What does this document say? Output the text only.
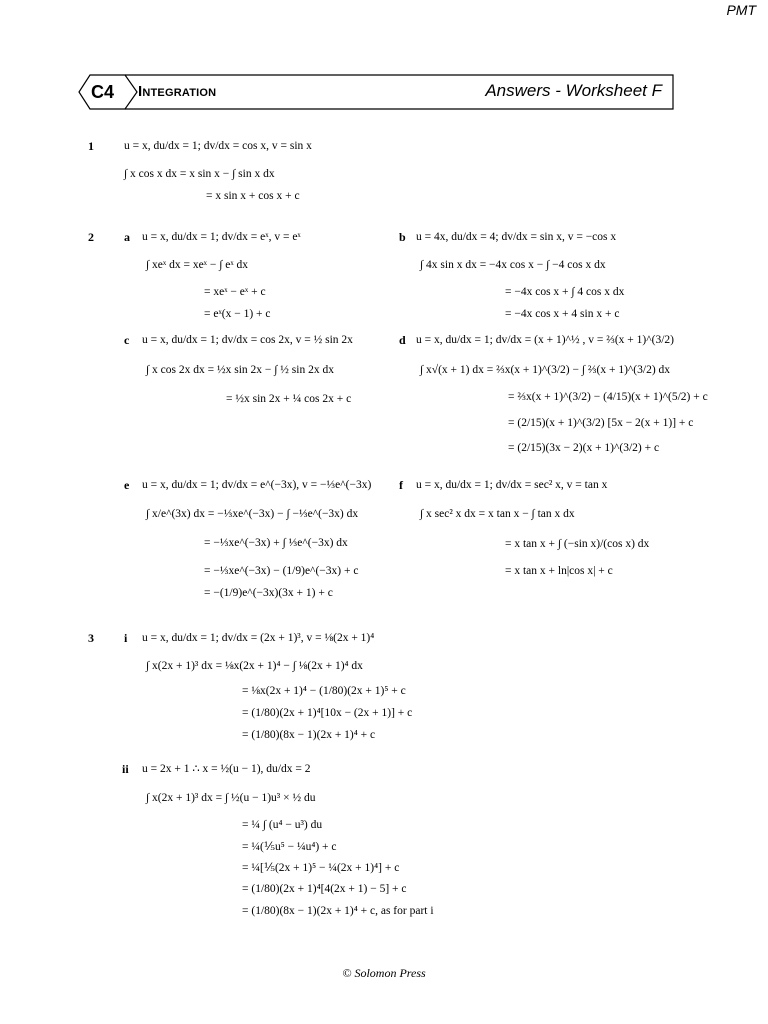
PMT
C4 Integration	Answers - Worksheet F
1	u = x, du/dx = 1; dv/dx = cos x, v = sin x
∫ x cos x dx = x sin x − ∫ sin x dx
= x sin x + cos x + c
2	a u = x, du/dx = 1; dv/dx = eˣ, v = eˣ
∫ xeˣ dx = xeˣ − ∫ eˣ dx
= xeˣ − eˣ + c
= eˣ(x − 1) + c
b u = 4x, du/dx = 4; dv/dx = sin x, v = −cos x
∫ 4x sin x dx = −4x cos x − ∫ −4 cos x dx
= −4x cos x + ∫ 4 cos x dx
= −4x cos x + 4 sin x + c
c u = x, du/dx = 1; dv/dx = cos 2x, v = ½ sin 2x
∫ x cos 2x dx = ½x sin 2x − ∫ ½ sin 2x dx
= ½x sin 2x + ¼ cos 2x + c
d u = x, du/dx = 1; dv/dx = (x + 1)^½ , v = ⅔(x + 1)^(3/2)
∫ x√(x + 1) dx = ⅔x(x + 1)^(3/2) − ∫ ⅔(x + 1)^(3/2) dx
= ⅔x(x + 1)^(3/2) − (4/15)(x + 1)^(5/2) + c
= (2/15)(x + 1)^(3/2) [5x − 2(x + 1)] + c
= (2/15)(3x − 2)(x + 1)^(3/2) + c
e u = x, du/dx = 1; dv/dx = e^(−3x), v = −⅓e^(−3x)
∫ x/e^(3x) dx = −⅓xe^(−3x) − ∫ −⅓e^(−3x) dx
= −⅓xe^(−3x) + ∫ ⅓e^(−3x) dx
= −⅓xe^(−3x) − (1/9)e^(−3x) + c
= −(1/9)e^(−3x)(3x + 1) + c
f u = x, du/dx = 1; dv/dx = sec² x, v = tan x
∫ x sec² x dx = x tan x − ∫ tan x dx
= x tan x + ∫ (−sin x)/(cos x) dx
= x tan x + ln|cos x| + c
3	i u = x, du/dx = 1; dv/dx = (2x + 1)³, v = ⅛(2x + 1)⁴
∫ x(2x + 1)³ dx = ⅛x(2x + 1)⁴ − ∫ ⅛(2x + 1)⁴ dx
= ⅛x(2x + 1)⁴ − (1/80)(2x + 1)⁵ + c
= (1/80)(2x + 1)⁴[10x − (2x + 1)] + c
= (1/80)(8x − 1)(2x + 1)⁴ + c
ii u = 2x + 1 ∴ x = ½(u − 1), du/dx = 2
∫ x(2x + 1)³ dx = ∫ ½(u − 1)u³ × ½ du
= ¼ ∫ (u⁴ − u³) du
= ¼(⅕u⁵ − ¼u⁴) + c
= ¼[⅕(2x + 1)⁵ − ¼(2x + 1)⁴] + c
= (1/80)(2x + 1)⁴[4(2x + 1) − 5] + c
= (1/80)(8x − 1)(2x + 1)⁴ + c, as for part i
© Solomon Press
